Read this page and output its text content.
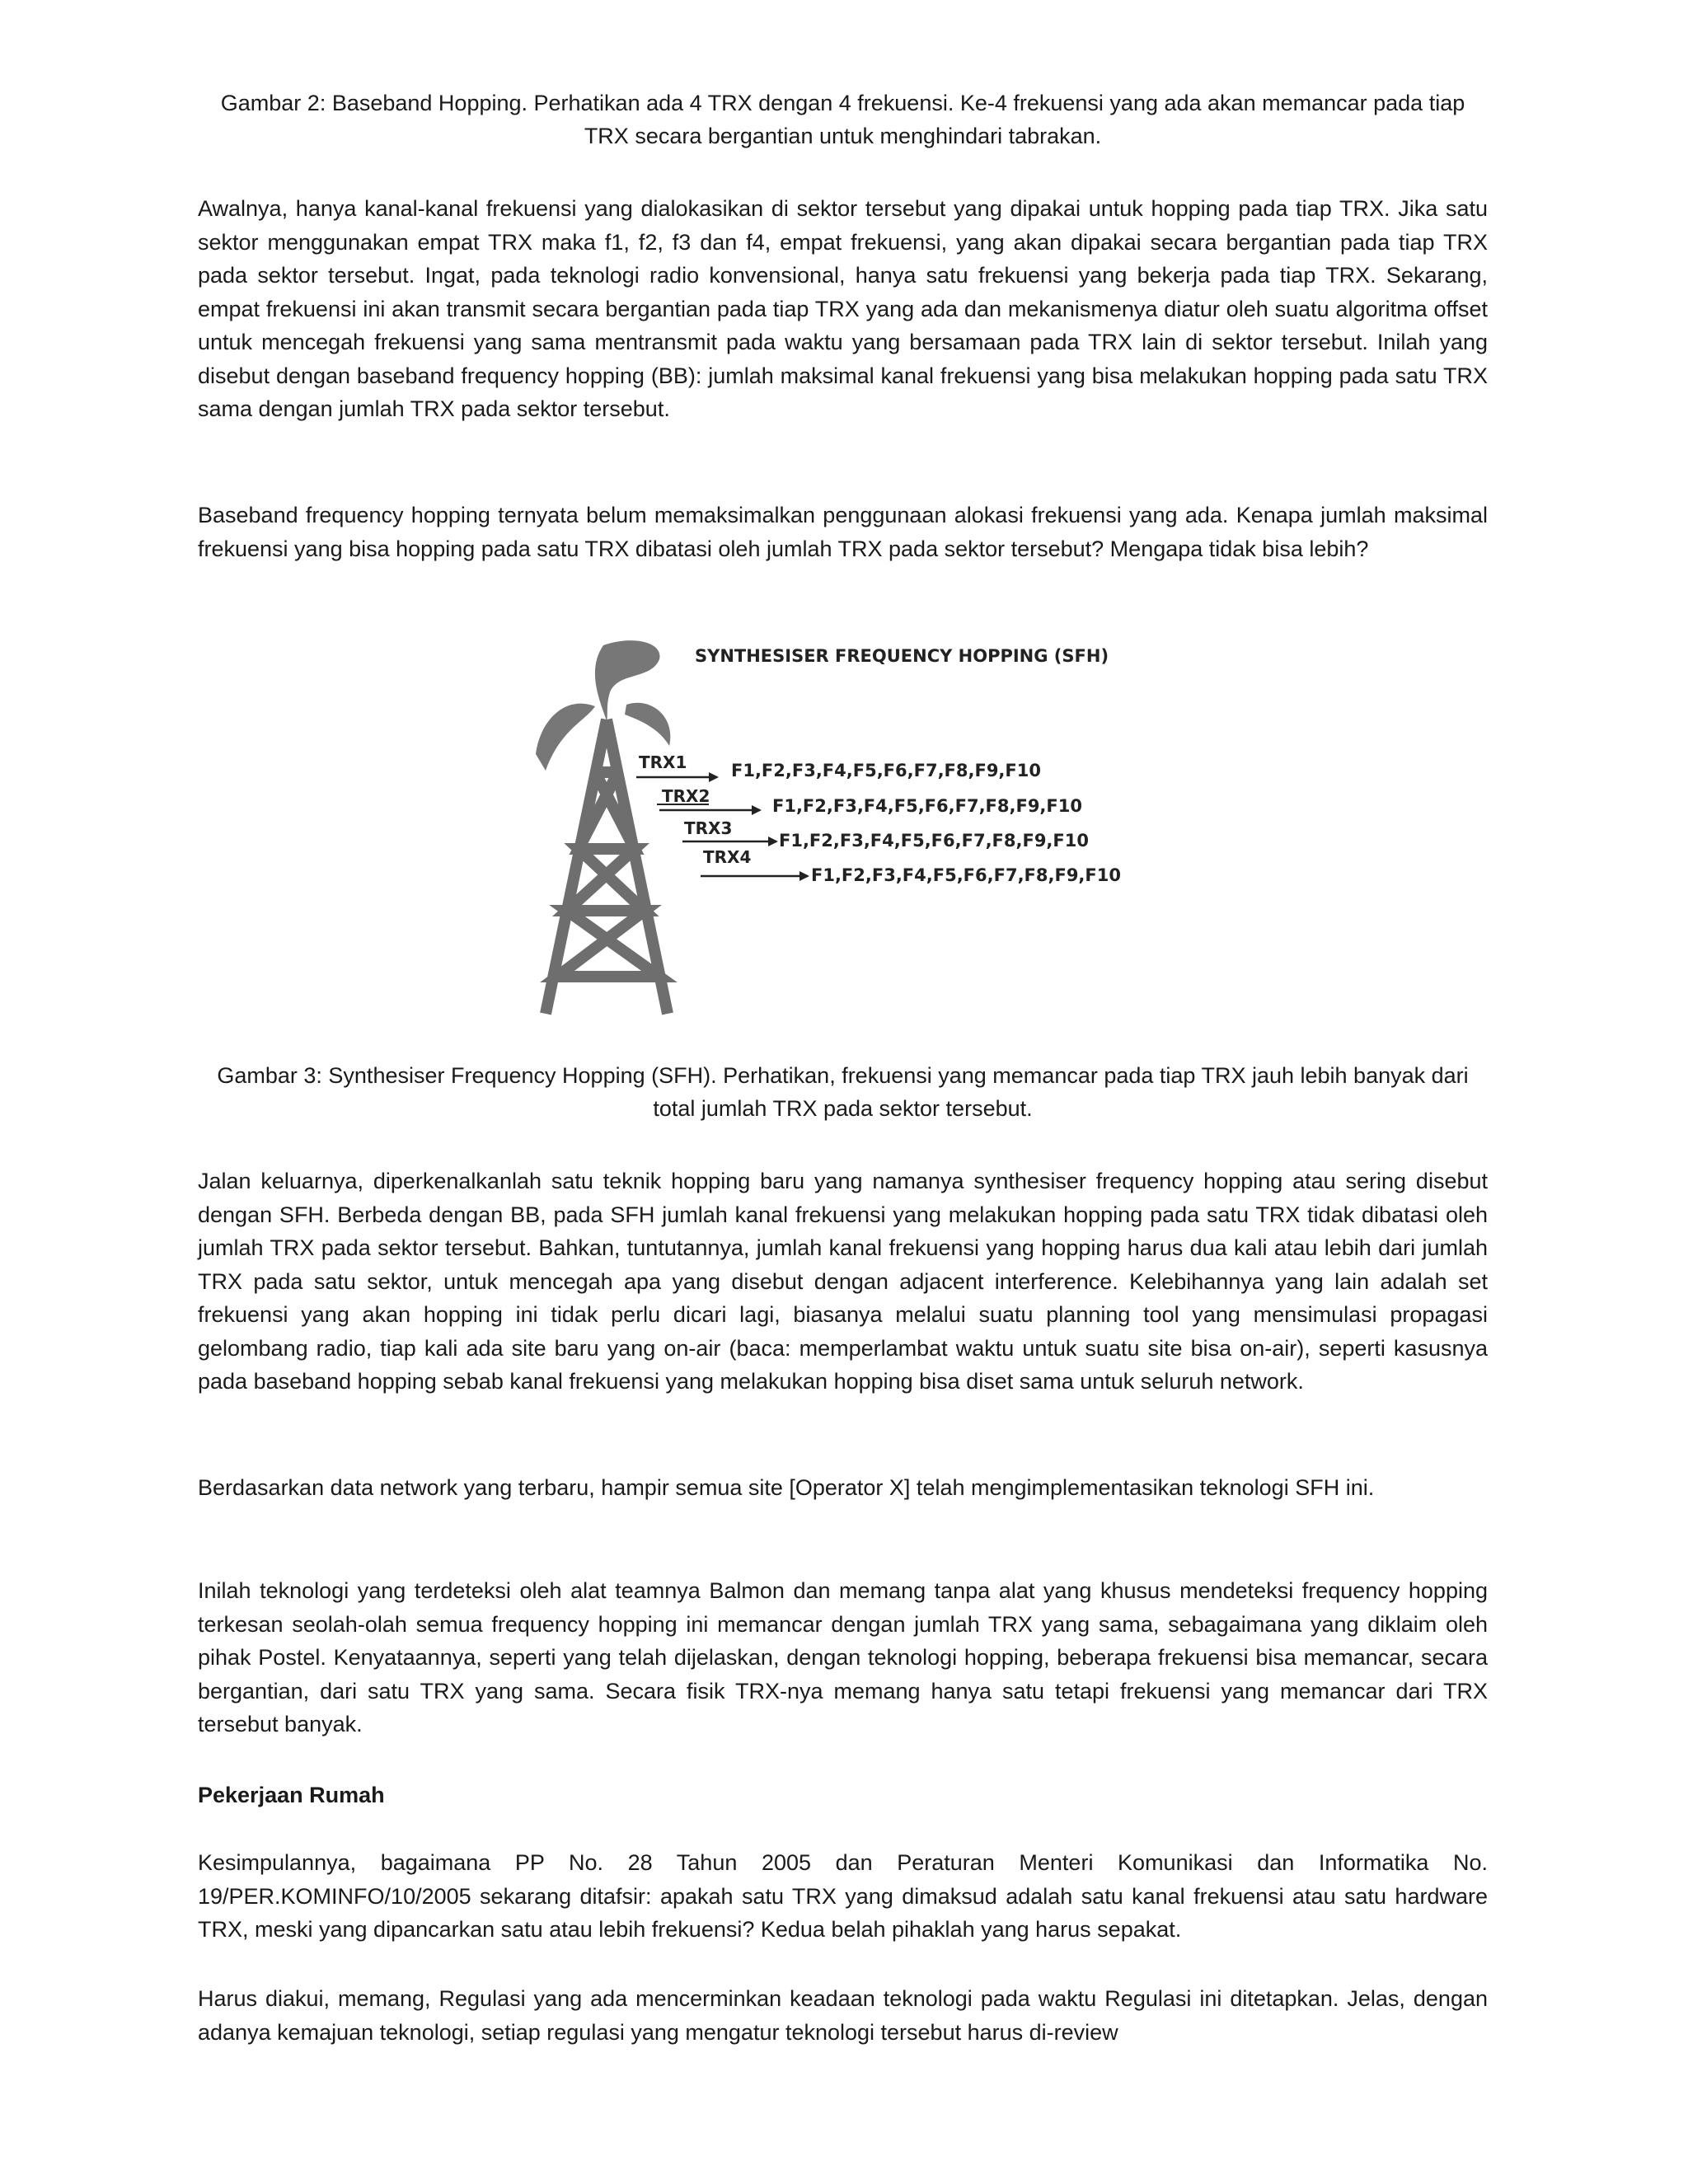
Gambar 2: Baseband Hopping. Perhatikan ada 4 TRX dengan 4 frekuensi. Ke-4 frekuensi yang ada akan memancar pada tiap TRX secara bergantian untuk menghindari tabrakan.
Awalnya, hanya kanal-kanal frekuensi yang dialokasikan di sektor tersebut yang dipakai untuk hopping pada tiap TRX. Jika satu sektor menggunakan empat TRX maka f1, f2, f3 dan f4, empat frekuensi, yang akan dipakai secara bergantian pada tiap TRX pada sektor tersebut. Ingat, pada teknologi radio konvensional, hanya satu frekuensi yang bekerja pada tiap TRX. Sekarang, empat frekuensi ini akan transmit secara bergantian pada tiap TRX yang ada dan mekanismenya diatur oleh suatu algoritma offset untuk mencegah frekuensi yang sama mentransmit pada waktu yang bersamaan pada TRX lain di sektor tersebut. Inilah yang disebut dengan baseband frequency hopping (BB): jumlah maksimal kanal frekuensi yang bisa melakukan hopping pada satu TRX sama dengan jumlah TRX pada sektor tersebut.
Baseband frequency hopping ternyata belum memaksimalkan penggunaan alokasi frekuensi yang ada. Kenapa jumlah maksimal frekuensi yang bisa hopping pada satu TRX dibatasi oleh jumlah TRX pada sektor tersebut? Mengapa tidak bisa lebih?
SYNTHESISER FREQUENCY HOPPING (SFH)
TRX1	F1,F2,F3,F4,F5,F6,F7,F8,F9,F10
TRX2	F1,F2,F3,F4,F5,F6,F7,F8,F9,F10
TRX3
F1,F2,F3,F4,F5,F6,F7,F8,F9,F10
TRX4
F1,F2,F3,F4,F5,F6,F7,F8,F9,F10
Gambar 3: Synthesiser Frequency Hopping (SFH). Perhatikan, frekuensi yang memancar pada tiap TRX jauh lebih banyak dari total jumlah TRX pada sektor tersebut.
Jalan keluarnya, diperkenalkanlah satu teknik hopping baru yang namanya synthesiser frequency hopping atau sering disebut dengan SFH. Berbeda dengan BB, pada SFH jumlah kanal frekuensi yang melakukan hopping pada satu TRX tidak dibatasi oleh jumlah TRX pada sektor tersebut. Bahkan, tuntutannya, jumlah kanal frekuensi yang hopping harus dua kali atau lebih dari jumlah TRX pada satu sektor, untuk mencegah apa yang disebut dengan adjacent interference. Kelebihannya yang lain adalah set frekuensi yang akan hopping ini tidak perlu dicari lagi, biasanya melalui suatu planning tool yang mensimulasi propagasi gelombang radio, tiap kali ada site baru yang on-air (baca: memperlambat waktu untuk suatu site bisa on-air), seperti kasusnya pada baseband hopping sebab kanal frekuensi yang melakukan hopping bisa diset sama untuk seluruh network.
Berdasarkan data network yang terbaru, hampir semua site [Operator X] telah mengimplementasikan teknologi SFH ini.
Inilah teknologi yang terdeteksi oleh alat teamnya Balmon dan memang tanpa alat yang khusus mendeteksi frequency hopping terkesan seolah-olah semua frequency hopping ini memancar dengan jumlah TRX yang sama, sebagaimana yang diklaim oleh pihak Postel. Kenyataannya, seperti yang telah dijelaskan, dengan teknologi hopping, beberapa frekuensi bisa memancar, secara bergantian, dari satu TRX yang sama. Secara fisik TRX-nya memang hanya satu tetapi frekuensi yang memancar dari TRX tersebut banyak.
Pekerjaan Rumah
Kesimpulannya, bagaimana PP No. 28 Tahun 2005 dan Peraturan Menteri Komunikasi dan Informatika No. 19/PER.KOMINFO/10/2005 sekarang ditafsir: apakah satu TRX yang dimaksud adalah satu kanal frekuensi atau satu hardware TRX, meski yang dipancarkan satu atau lebih frekuensi? Kedua belah pihaklah yang harus sepakat.
Harus diakui, memang, Regulasi yang ada mencerminkan keadaan teknologi pada waktu Regulasi ini ditetapkan. Jelas, dengan adanya kemajuan teknologi, setiap regulasi yang mengatur teknologi tersebut harus di-review
